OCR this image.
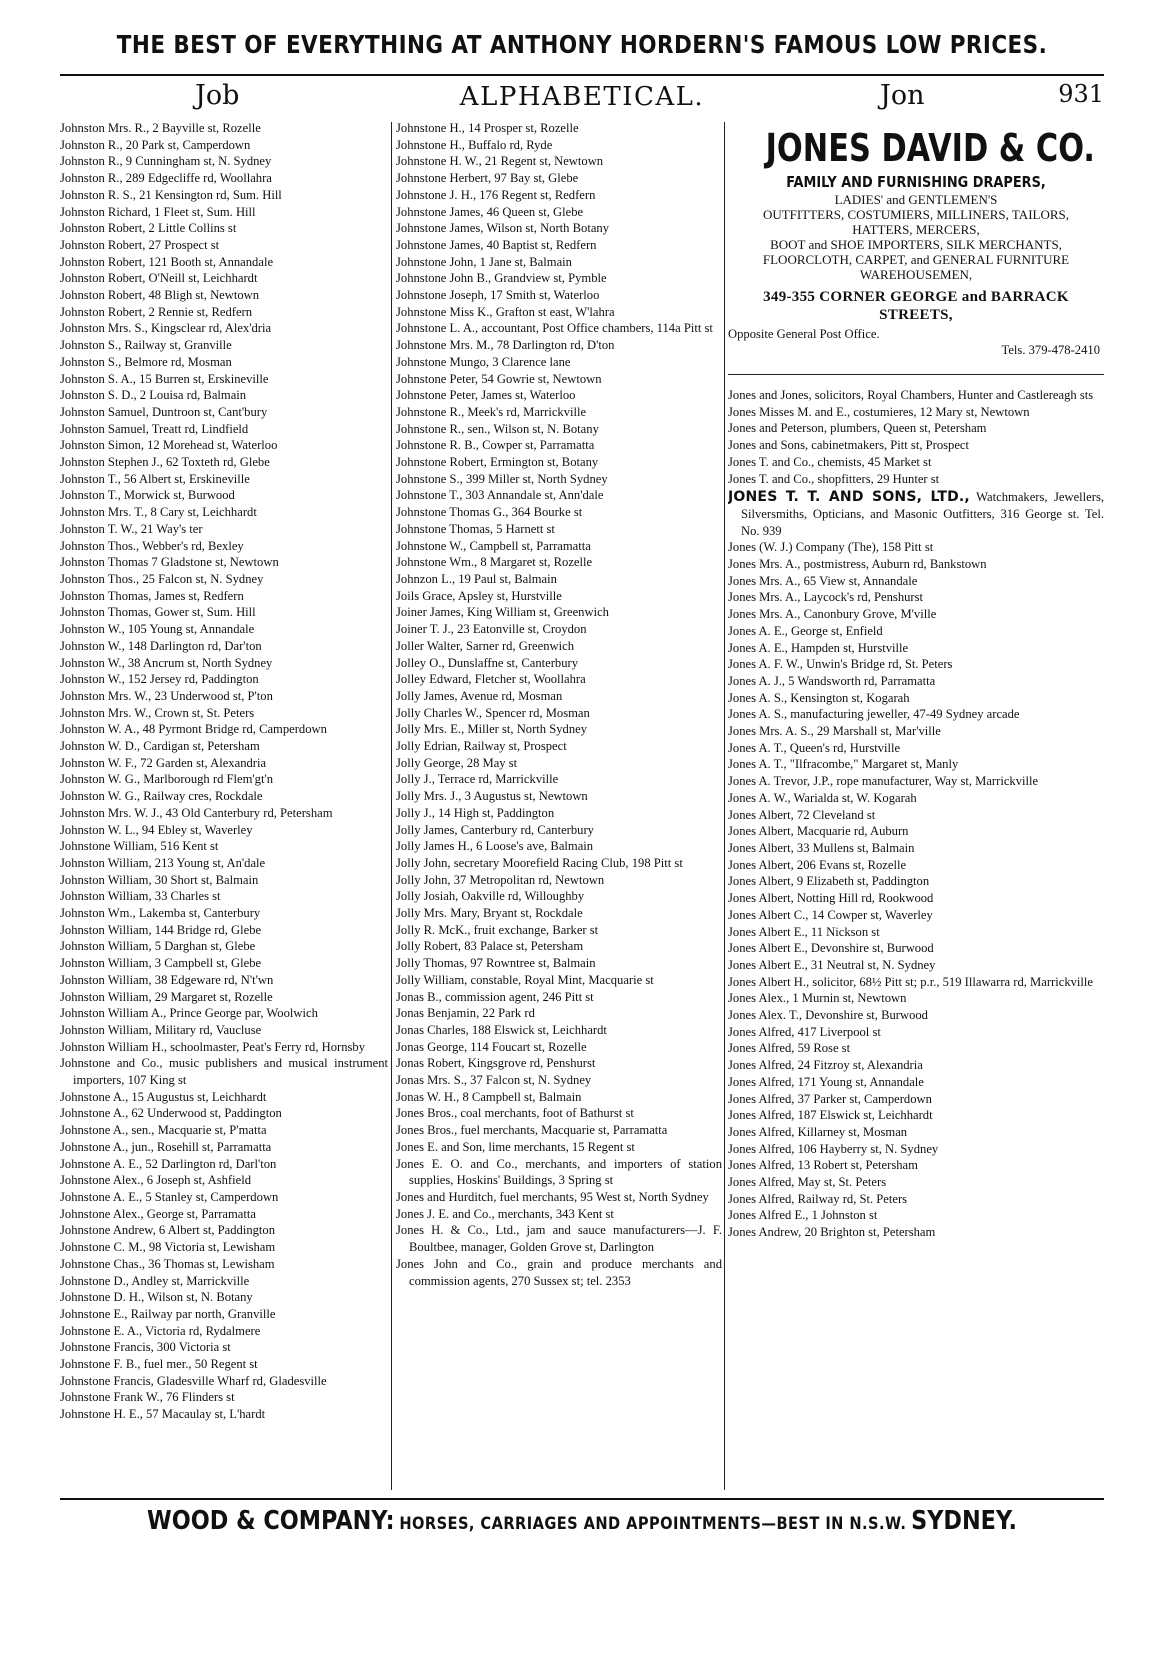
THE BEST OF EVERYTHING AT ANTHONY HORDERN'S FAMOUS LOW PRICES.
Job	ALPHABETICAL.	Jon	931
Johnston Mrs. R., 2 Bayville st, Rozelle
Johnston R., 20 Park st, Camperdown
Johnston R., 9 Cunningham st, N. Sydney
Johnston R., 289 Edgecliffe rd, Woollahra
Johnston R. S., 21 Kensington rd, Sum. Hill
Johnston Richard, 1 Fleet st, Sum. Hill
Johnston Robert, 2 Little Collins st
Johnston Robert, 27 Prospect st
Johnston Robert, 121 Booth st, Annandale
Johnston Robert, O'Neill st, Leichhardt
Johnston Robert, 48 Bligh st, Newtown
Johnston Robert, 2 Rennie st, Redfern
Johnston Mrs. S., Kingsclear rd, Alex'dria
Johnston S., Railway st, Granville
Johnston S., Belmore rd, Mosman
Johnston S. A., 15 Burren st, Erskineville
Johnston S. D., 2 Louisa rd, Balmain
Johnston Samuel, Duntroon st, Cant'bury
Johnston Samuel, Treatt rd, Lindfield
Johnston Simon, 12 Morehead st, Waterloo
Johnston Stephen J., 62 Toxteth rd, Glebe
Johnston T., 56 Albert st, Erskineville
Johnston T., Morwick st, Burwood
Johnston Mrs. T., 8 Cary st, Leichhardt
Johnston T. W., 21 Way's ter
Johnston Thos., Webber's rd, Bexley
Johnston Thomas 7 Gladstone st, Newtown
Johnston Thos., 25 Falcon st, N. Sydney
Johnston Thomas, James st, Redfern
Johnston Thomas, Gower st, Sum. Hill
Johnston W., 105 Young st, Annandale
Johnston W., 148 Darlington rd, Dar'ton
Johnston W., 38 Ancrum st, North Sydney
Johnston W., 152 Jersey rd, Paddington
Johnston Mrs. W., 23 Underwood st, P'ton
Johnston Mrs. W., Crown st, St. Peters
Johnston W. A., 48 Pyrmont Bridge rd, Camperdown
Johnston W. D., Cardigan st, Petersham
Johnston W. F., 72 Garden st, Alexandria
Johnston W. G., Marlborough rd Flem'gt'n
Johnston W. G., Railway cres, Rockdale
Johnston Mrs. W. J., 43 Old Canterbury rd, Petersham
Johnston W. L., 94 Ebley st, Waverley
Johnstone William, 516 Kent st
Johnston William, 213 Young st, An'dale
Johnston William, 30 Short st, Balmain
Johnston William, 33 Charles st
Johnston Wm., Lakemba st, Canterbury
Johnston William, 144 Bridge rd, Glebe
Johnston William, 5 Darghan st, Glebe
Johnston William, 3 Campbell st, Glebe
Johnston William, 38 Edgeware rd, N't'wn
Johnston William, 29 Margaret st, Rozelle
Johnston William A., Prince George par, Woolwich
Johnston William, Military rd, Vaucluse
Johnston William H., schoolmaster, Peat's Ferry rd, Hornsby
Johnstone and Co., music publishers and musical instrument importers, 107 King st
Johnstone A., 15 Augustus st, Leichhardt
Johnstone A., 62 Underwood st, Paddington
Johnstone A., sen., Macquarie st, P'matta
Johnstone A., jun., Rosehill st, Parramatta
Johnstone A. E., 52 Darlington rd, Darl'ton
Johnstone Alex., 6 Joseph st, Ashfield
Johnstone A. E., 5 Stanley st, Camperdown
Johnstone Alex., George st, Parramatta
Johnstone Andrew, 6 Albert st, Paddington
Johnstone C. M., 98 Victoria st, Lewisham
Johnstone Chas., 36 Thomas st, Lewisham
Johnstone D., Andley st, Marrickville
Johnstone D. H., Wilson st, N. Botany
Johnstone E., Railway par north, Granville
Johnstone E. A., Victoria rd, Rydalmere
Johnstone Francis, 300 Victoria st
Johnstone F. B., fuel mer., 50 Regent st
Johnstone Francis, Gladesville Wharf rd, Gladesville
Johnstone Frank W., 76 Flinders st
Johnstone H. E., 57 Macaulay st, L'hardt
Johnstone H., 14 Prosper st, Rozelle
Johnstone H., Buffalo rd, Ryde
Johnstone H. W., 21 Regent st, Newtown
Johnstone Herbert, 97 Bay st, Glebe
Johnstone J. H., 176 Regent st, Redfern
Johnstone James, 46 Queen st, Glebe
Johnstone James, Wilson st, North Botany
Johnstone James, 40 Baptist st, Redfern
Johnstone John, 1 Jane st, Balmain
Johnstone John B., Grandview st, Pymble
Johnstone Joseph, 17 Smith st, Waterloo
Johnstone Miss K., Grafton st east, W'lahra
Johnstone L. A., accountant, Post Office chambers, 114a Pitt st
Johnstone Mrs. M., 78 Darlington rd, D'ton
Johnstone Mungo, 3 Clarence lane
Johnstone Peter, 54 Gowrie st, Newtown
Johnstone Peter, James st, Waterloo
Johnstone R., Meek's rd, Marrickville
Johnstone R., sen., Wilson st, N. Botany
Johnstone R. B., Cowper st, Parramatta
Johnstone Robert, Ermington st, Botany
Johnstone S., 399 Miller st, North Sydney
Johnstone T., 303 Annandale st, Ann'dale
Johnstone Thomas G., 364 Bourke st
Johnstone Thomas, 5 Harnett st
Johnstone W., Campbell st, Parramatta
Johnstone Wm., 8 Margaret st, Rozelle
Johnzon L., 19 Paul st, Balmain
Joils Grace, Apsley st, Hurstville
Joiner James, King William st, Greenwich
Joiner T. J., 23 Eatonville st, Croydon
Joller Walter, Sarner rd, Greenwich
Jolley O., Dunslaffne st, Canterbury
Jolley Edward, Fletcher st, Woollahra
Jolly James, Avenue rd, Mosman
Jolly Charles W., Spencer rd, Mosman
Jolly Mrs. E., Miller st, North Sydney
Jolly Edrian, Railway st, Prospect
Jolly George, 28 May st
Jolly J., Terrace rd, Marrickville
Jolly Mrs. J., 3 Augustus st, Newtown
Jolly J., 14 High st, Paddington
Jolly James, Canterbury rd, Canterbury
Jolly James H., 6 Loose's ave, Balmain
Jolly John, secretary Moorefield Racing Club, 198 Pitt st
Jolly John, 37 Metropolitan rd, Newtown
Jolly Josiah, Oakville rd, Willoughby
Jolly Mrs. Mary, Bryant st, Rockdale
Jolly R. McK., fruit exchange, Barker st
Jolly Robert, 83 Palace st, Petersham
Jolly Thomas, 97 Rowntree st, Balmain
Jolly William, constable, Royal Mint, Macquarie st
Jonas B., commission agent, 246 Pitt st
Jonas Benjamin, 22 Park rd
Jonas Charles, 188 Elswick st, Leichhardt
Jonas George, 114 Foucart st, Rozelle
Jonas Robert, Kingsgrove rd, Penshurst
Jonas Mrs. S., 37 Falcon st, N. Sydney
Jonas W. H., 8 Campbell st, Balmain
Jones Bros., coal merchants, foot of Bathurst st
Jones Bros., fuel merchants, Macquarie st, Parramatta
Jones E. and Son, lime merchants, 15 Regent st
Jones E. O. and Co., merchants, and importers of station supplies, Hoskins' Buildings, 3 Spring st
Jones and Hurditch, fuel merchants, 95 West st, North Sydney
Jones J. E. and Co., merchants, 343 Kent st
Jones H. & Co., Ltd., jam and sauce manufacturers—J. F. Boultbee, manager, Golden Grove st, Darlington
Jones John and Co., grain and produce merchants and commission agents, 270 Sussex st; tel. 2353
JONES DAVID & CO.
FAMILY AND FURNISHING DRAPERS,
LADIES' and GENTLEMEN'S
OUTFITTERS, COSTUMIERS, MILLINERS, TAILORS, HATTERS, MERCERS,
BOOT and SHOE IMPORTERS, SILK MERCHANTS, FLOORCLOTH, CARPET, and GENERAL FURNITURE WAREHOUSEMEN,
349-355 CORNER GEORGE and BARRACK STREETS,
Opposite General Post Office.
Tels. 379-478-2410
Jones and Jones, solicitors, Royal Chambers, Hunter and Castlereagh sts
Jones Misses M. and E., costumieres, 12 Mary st, Newtown
Jones and Peterson, plumbers, Queen st, Petersham
Jones and Sons, cabinetmakers, Pitt st, Prospect
Jones T. and Co., chemists, 45 Market st
Jones T. and Co., shopfitters, 29 Hunter st
JONES T. T. AND SONS, LTD., Watchmakers, Jewellers, Silversmiths, Opticians, and Masonic Outfitters, 316 George st. Tel. No. 939
Jones (W. J.) Company (The), 158 Pitt st
Jones Mrs. A., postmistress, Auburn rd, Bankstown
Jones Mrs. A., 65 View st, Annandale
Jones Mrs. A., Laycock's rd, Penshurst
Jones Mrs. A., Canonbury Grove, M'ville
Jones A. E., George st, Enfield
Jones A. E., Hampden st, Hurstville
Jones A. F. W., Unwin's Bridge rd, St. Peters
Jones A. J., 5 Wandsworth rd, Parramatta
Jones A. S., Kensington st, Kogarah
Jones A. S., manufacturing jeweller, 47-49 Sydney arcade
Jones Mrs. A. S., 29 Marshall st, Mar'ville
Jones A. T., Queen's rd, Hurstville
Jones A. T., "Ilfracombe," Margaret st, Manly
Jones A. Trevor, J.P., rope manufacturer, Way st, Marrickville
Jones A. W., Warialda st, W. Kogarah
Jones Albert, 72 Cleveland st
Jones Albert, Macquarie rd, Auburn
Jones Albert, 33 Mullens st, Balmain
Jones Albert, 206 Evans st, Rozelle
Jones Albert, 9 Elizabeth st, Paddington
Jones Albert, Notting Hill rd, Rookwood
Jones Albert C., 14 Cowper st, Waverley
Jones Albert E., 11 Nickson st
Jones Albert E., Devonshire st, Burwood
Jones Albert E., 31 Neutral st, N. Sydney
Jones Albert H., solicitor, 68½ Pitt st; p.r., 519 Illawarra rd, Marrickville
Jones Alex., 1 Murnin st, Newtown
Jones Alex. T., Devonshire st, Burwood
Jones Alfred, 417 Liverpool st
Jones Alfred, 59 Rose st
Jones Alfred, 24 Fitzroy st, Alexandria
Jones Alfred, 171 Young st, Annandale
Jones Alfred, 37 Parker st, Camperdown
Jones Alfred, 187 Elswick st, Leichhardt
Jones Alfred, Killarney st, Mosman
Jones Alfred, 106 Hayberry st, N. Sydney
Jones Alfred, 13 Robert st, Petersham
Jones Alfred, May st, St. Peters
Jones Alfred, Railway rd, St. Peters
Jones Alfred E., 1 Johnston st
Jones Andrew, 20 Brighton st, Petersham
WOOD & COMPANY: HORSES, CARRIAGES AND APPOINTMENTS—BEST IN N.S.W. SYDNEY.
